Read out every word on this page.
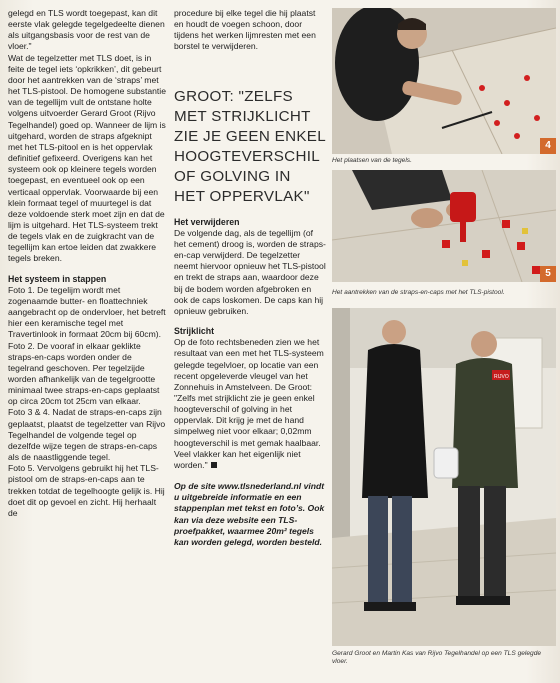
gelegd en TLS wordt toegepast, kan dit eerste vlak gelegde tegelgedeelte dienen als uitgangsbasis voor de rest van de vloer."

Wat de tegelzetter met TLS doet, is in feite de tegel iets ‘opkrikken’, dit gebeurt door het aantrekken van de ‘straps’ met het TLS-pistool. De homogene substantie van de tegellijm vult de ontstane holte volgens uitvoerder Gerard Groot (Rijvo Tegelhandel) goed op. Wanneer de lijm is uitgehard, worden de straps afgeknipt met het TLS-pitool en is het oppervlak definitief gefixeerd. Overigens kan het systeem ook op kleinere tegels worden toegepast, en eventueel ook op een verticaal oppervlak. Voorwaarde bij een klein formaat tegel of muurtegel is dat deze voldoende sterk moet zijn en dat de lijm is uitgehard. Het TLS-systeem trekt de tegels vlak en de zuigkracht van de tegellijm kan ertoe leiden dat zwakkere tegels breken.

Het systeem in stappen

Foto 1. De tegelijm wordt met zogenaamde butter- en floattechniek aangebracht op de ondervloer, het betreft hier een keramische tegel met Travertinlook in formaat 20cm bij 60cm).

Foto 2. De vooraf in elkaar geklikte straps-en-caps worden onder de tegelrand geschoven. Per tegelzijde worden afhankelijk van de tegelgrootte minimaal twee straps-en-caps geplaatst op circa 20cm tot 25cm van elkaar.

Foto 3 & 4. Nadat de straps-en-caps zijn geplaatst, plaatst de tegelzetter van Rijvo Tegelhandel de volgende tegel op dezelfde wijze tegen de straps-en-caps als de naastliggende tegel.

Foto 5. Vervolgens gebruikt hij het TLS-pistool om de straps-en-caps aan te trekken totdat de tegelhoogte gelijk is. Hij doet dit op gevoel en zicht. Hij herhaalt de

procedure bij elke tegel die hij plaatst en houdt de voegen schoon, door tijdens het werken lijmresten met een borstel te verwijderen.

GROOT: "ZELFS MET STRIJKLICHT ZIE JE GEEN ENKEL HOOGTEVERSCHIL OF GOLVING IN HET OPPERVLAK"
Het verwijderen

De volgende dag, als de tegellijm (of het cement) droog is, worden de straps-en-cap verwijderd. De tegelzetter neemt hiervoor opnieuw het TLS-pistool en trekt de straps aan, waardoor deze bij de bodem worden afgebroken en ook de caps loskomen. De caps kan hij opnieuw gebruiken.

Strijklicht

Op de foto rechtsbeneden zien we het resultaat van een met het TLS-systeem gelegde tegelvloer, op locatie van een recent opgeleverde vleugel van het Zonnehuis in Amstelveen. De Groot: "Zelfs met strijklicht zie je geen enkel hoogteverschil of golving in het oppervlak. Dit krijg je met de hand simpelweg niet voor elkaar; 0,02mm hoogteverschil is met gemak haalbaar. Veel vlakker kan het eigenlijk niet worden."

Op de site www.tlsnederland.nl vindt u uitgebreide informatie en een stappenplan met tekst en foto’s. Ook kan via deze website een TLS-proefpakket, waarmee 20m² tegels kan worden gelegd, worden besteld.

4
Het plaatsen van de tegels.
5
Het aantrekken van de straps-en-caps met het TLS-pistool.
RIJVO
Gerard Groot en Martin Kas van Rijvo Tegelhandel op een TLS gelegde vloer.
